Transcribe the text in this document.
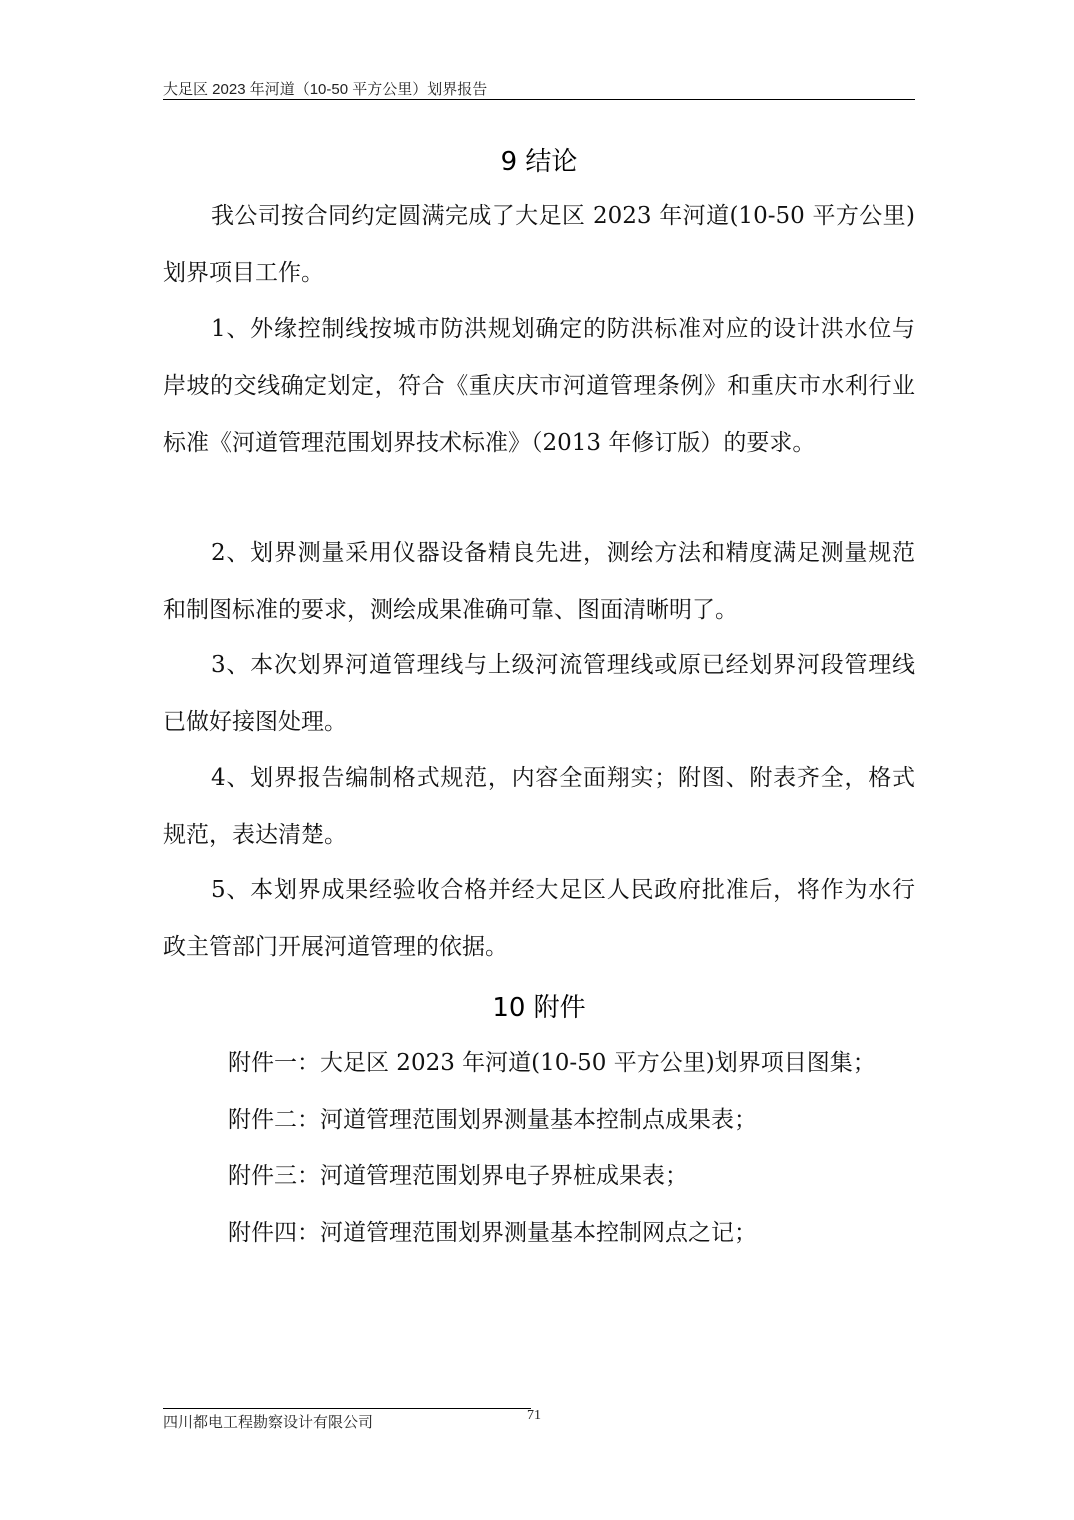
大足区 2023 年河道（10-50 平方公里）划界报告
9 结论

我公司按合同约定圆满完成了大足区 2023 年河道(10-50 平方公里)划界项目工作。

1、外缘控制线按城市防洪规划确定的防洪标准对应的设计洪水位与岸坡的交线确定划定，符合《重庆庆市河道管理条例》和重庆市水利行业标准《河道管理范围划界技术标准》（2013 年修订版）的要求。

2、划界测量采用仪器设备精良先进，测绘方法和精度满足测量规范和制图标准的要求，测绘成果准确可靠、图面清晰明了。

3、本次划界河道管理线与上级河流管理线或原已经划界河段管理线已做好接图处理。

4、划界报告编制格式规范，内容全面翔实；附图、附表齐全，格式规范，表达清楚。

5、本划界成果经验收合格并经大足区人民政府批准后，将作为水行政主管部门开展河道管理的依据。

10 附件
附件一：大足区 2023 年河道(10-50 平方公里)划界项目图集；
附件二：河道管理范围划界测量基本控制点成果表；
附件三：河道管理范围划界电子界桩成果表；
附件四：河道管理范围划界测量基本控制网点之记；
四川都电工程勘察设计有限公司	71
